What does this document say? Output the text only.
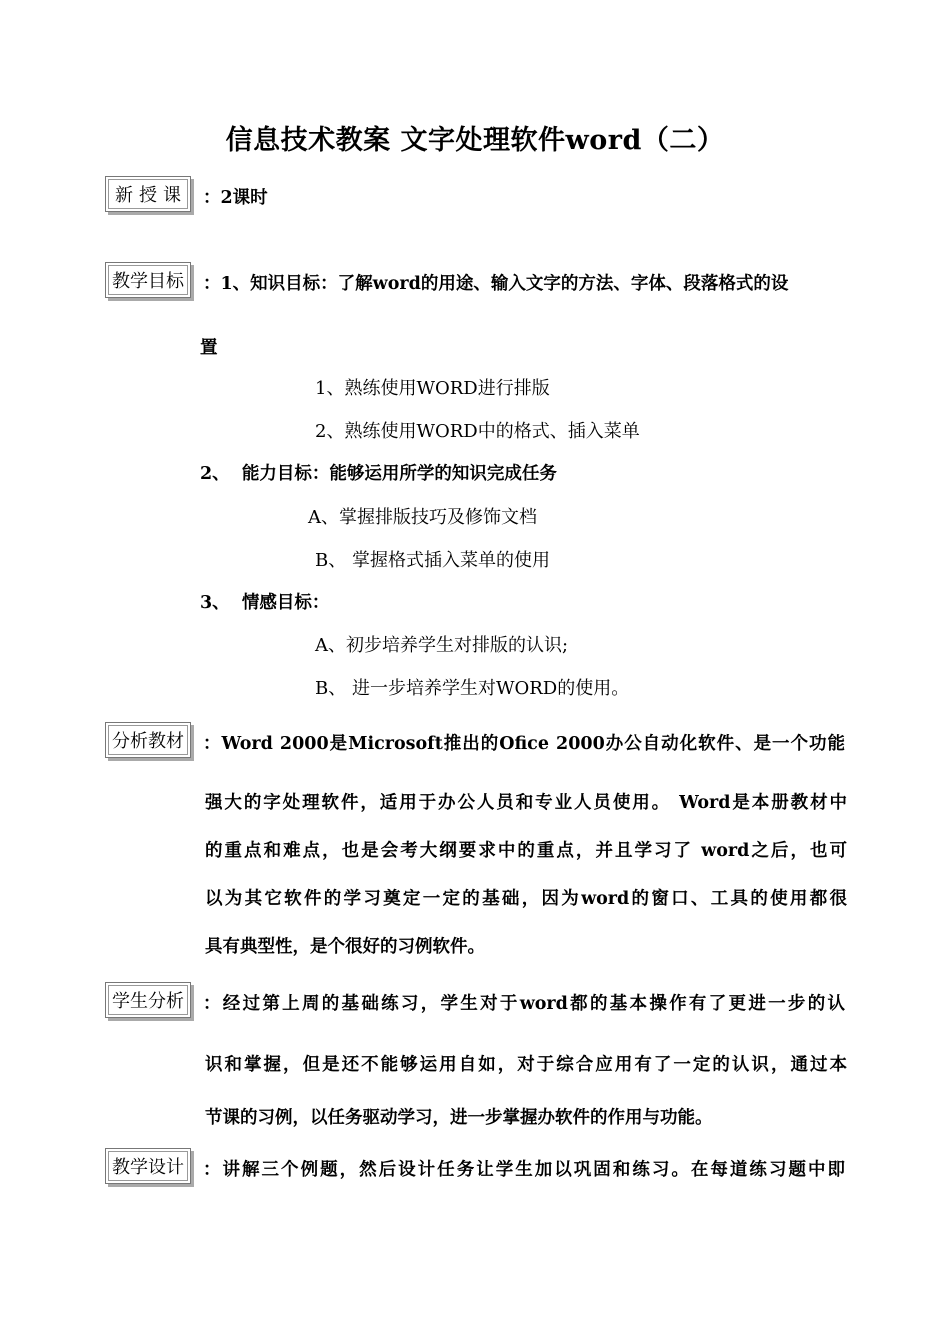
信息技术教案 文字处理软件word（二）
新授课 ：2课时
教学目标	：1、知识目标：了解word的用途、输入文字的方法、字体、段落格式的设
置
1、熟练使用WORD进行排版
2、熟练使用WORD中的格式、插入菜单
2、  能力目标：能够运用所学的知识完成任务
A、掌握排版技巧及修饰文档
B、 掌握格式插入菜单的使用
3、  情感目标：
A、初步培养学生对排版的认识;
B、 进一步培养学生对WORD的使用。
分析教材	：Word 2000是Microsoft推出的Ofice 2000办公自动化软件、是一个功能
强大的字处理软件，适用于办公人员和专业人员使用。 Word是本册教材中
的重点和难点，也是会考大纲要求中的重点，并且学习了 word之后，也可
以为其它软件的学习奠定一定的基础，因为word的窗口、工具的使用都很
具有典型性，是个很好的习例软件。
学生分析	：经过第上周的基础练习，学生对于word都的基本操作有了更进一步的认
识和掌握，但是还不能够运用自如，对于综合应用有了一定的认识，通过本
节课的习例，以任务驱动学习，进一步掌握办软件的作用与功能。
教学设计	：讲解三个例题，然后设计任务让学生加以巩固和练习。在每道练习题中即
